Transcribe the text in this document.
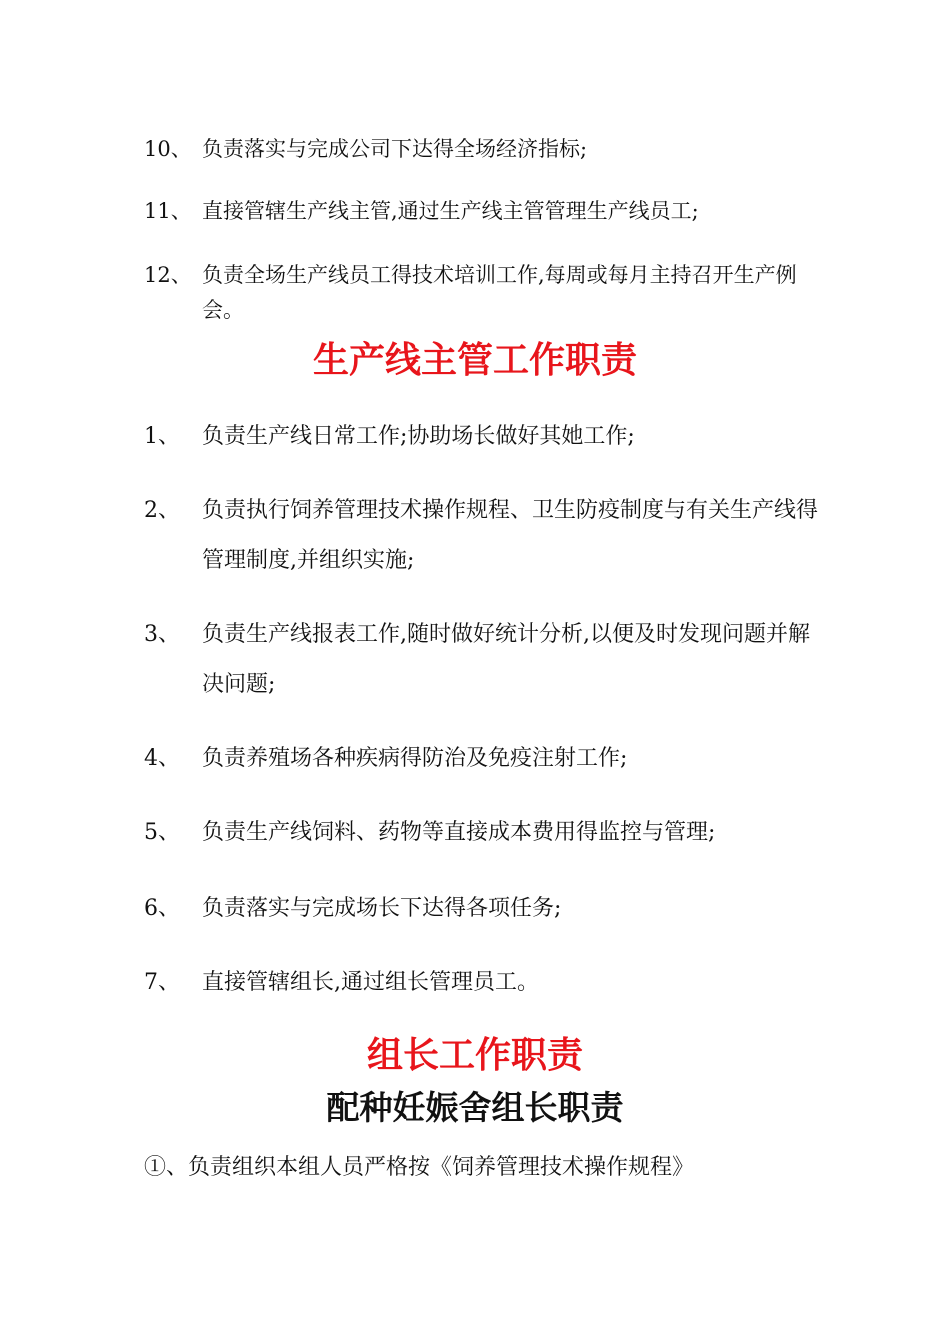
10、 负责落实与完成公司下达得全场经济指标;
11、 直接管辖生产线主管,通过生产线主管管理生产线员工;
12、 负责全场生产线员工得技术培训工作,每周或每月主持召开生产例会。
生产线主管工作职责
1、	负责生产线日常工作;协助场长做好其她工作;
2、	负责执行饲养管理技术操作规程、卫生防疫制度与有关生产线得管理制度,并组织实施;
3、	负责生产线报表工作,随时做好统计分析,以便及时发现问题并解决问题;
4、	负责养殖场各种疾病得防治及免疫注射工作;
5、	负责生产线饲料、药物等直接成本费用得监控与管理;
6、	负责落实与完成场长下达得各项任务;
7、	直接管辖组长,通过组长管理员工。
组长工作职责
配种妊娠舍组长职责
①、负责组织本组人员严格按《饲养管理技术操作规程》
